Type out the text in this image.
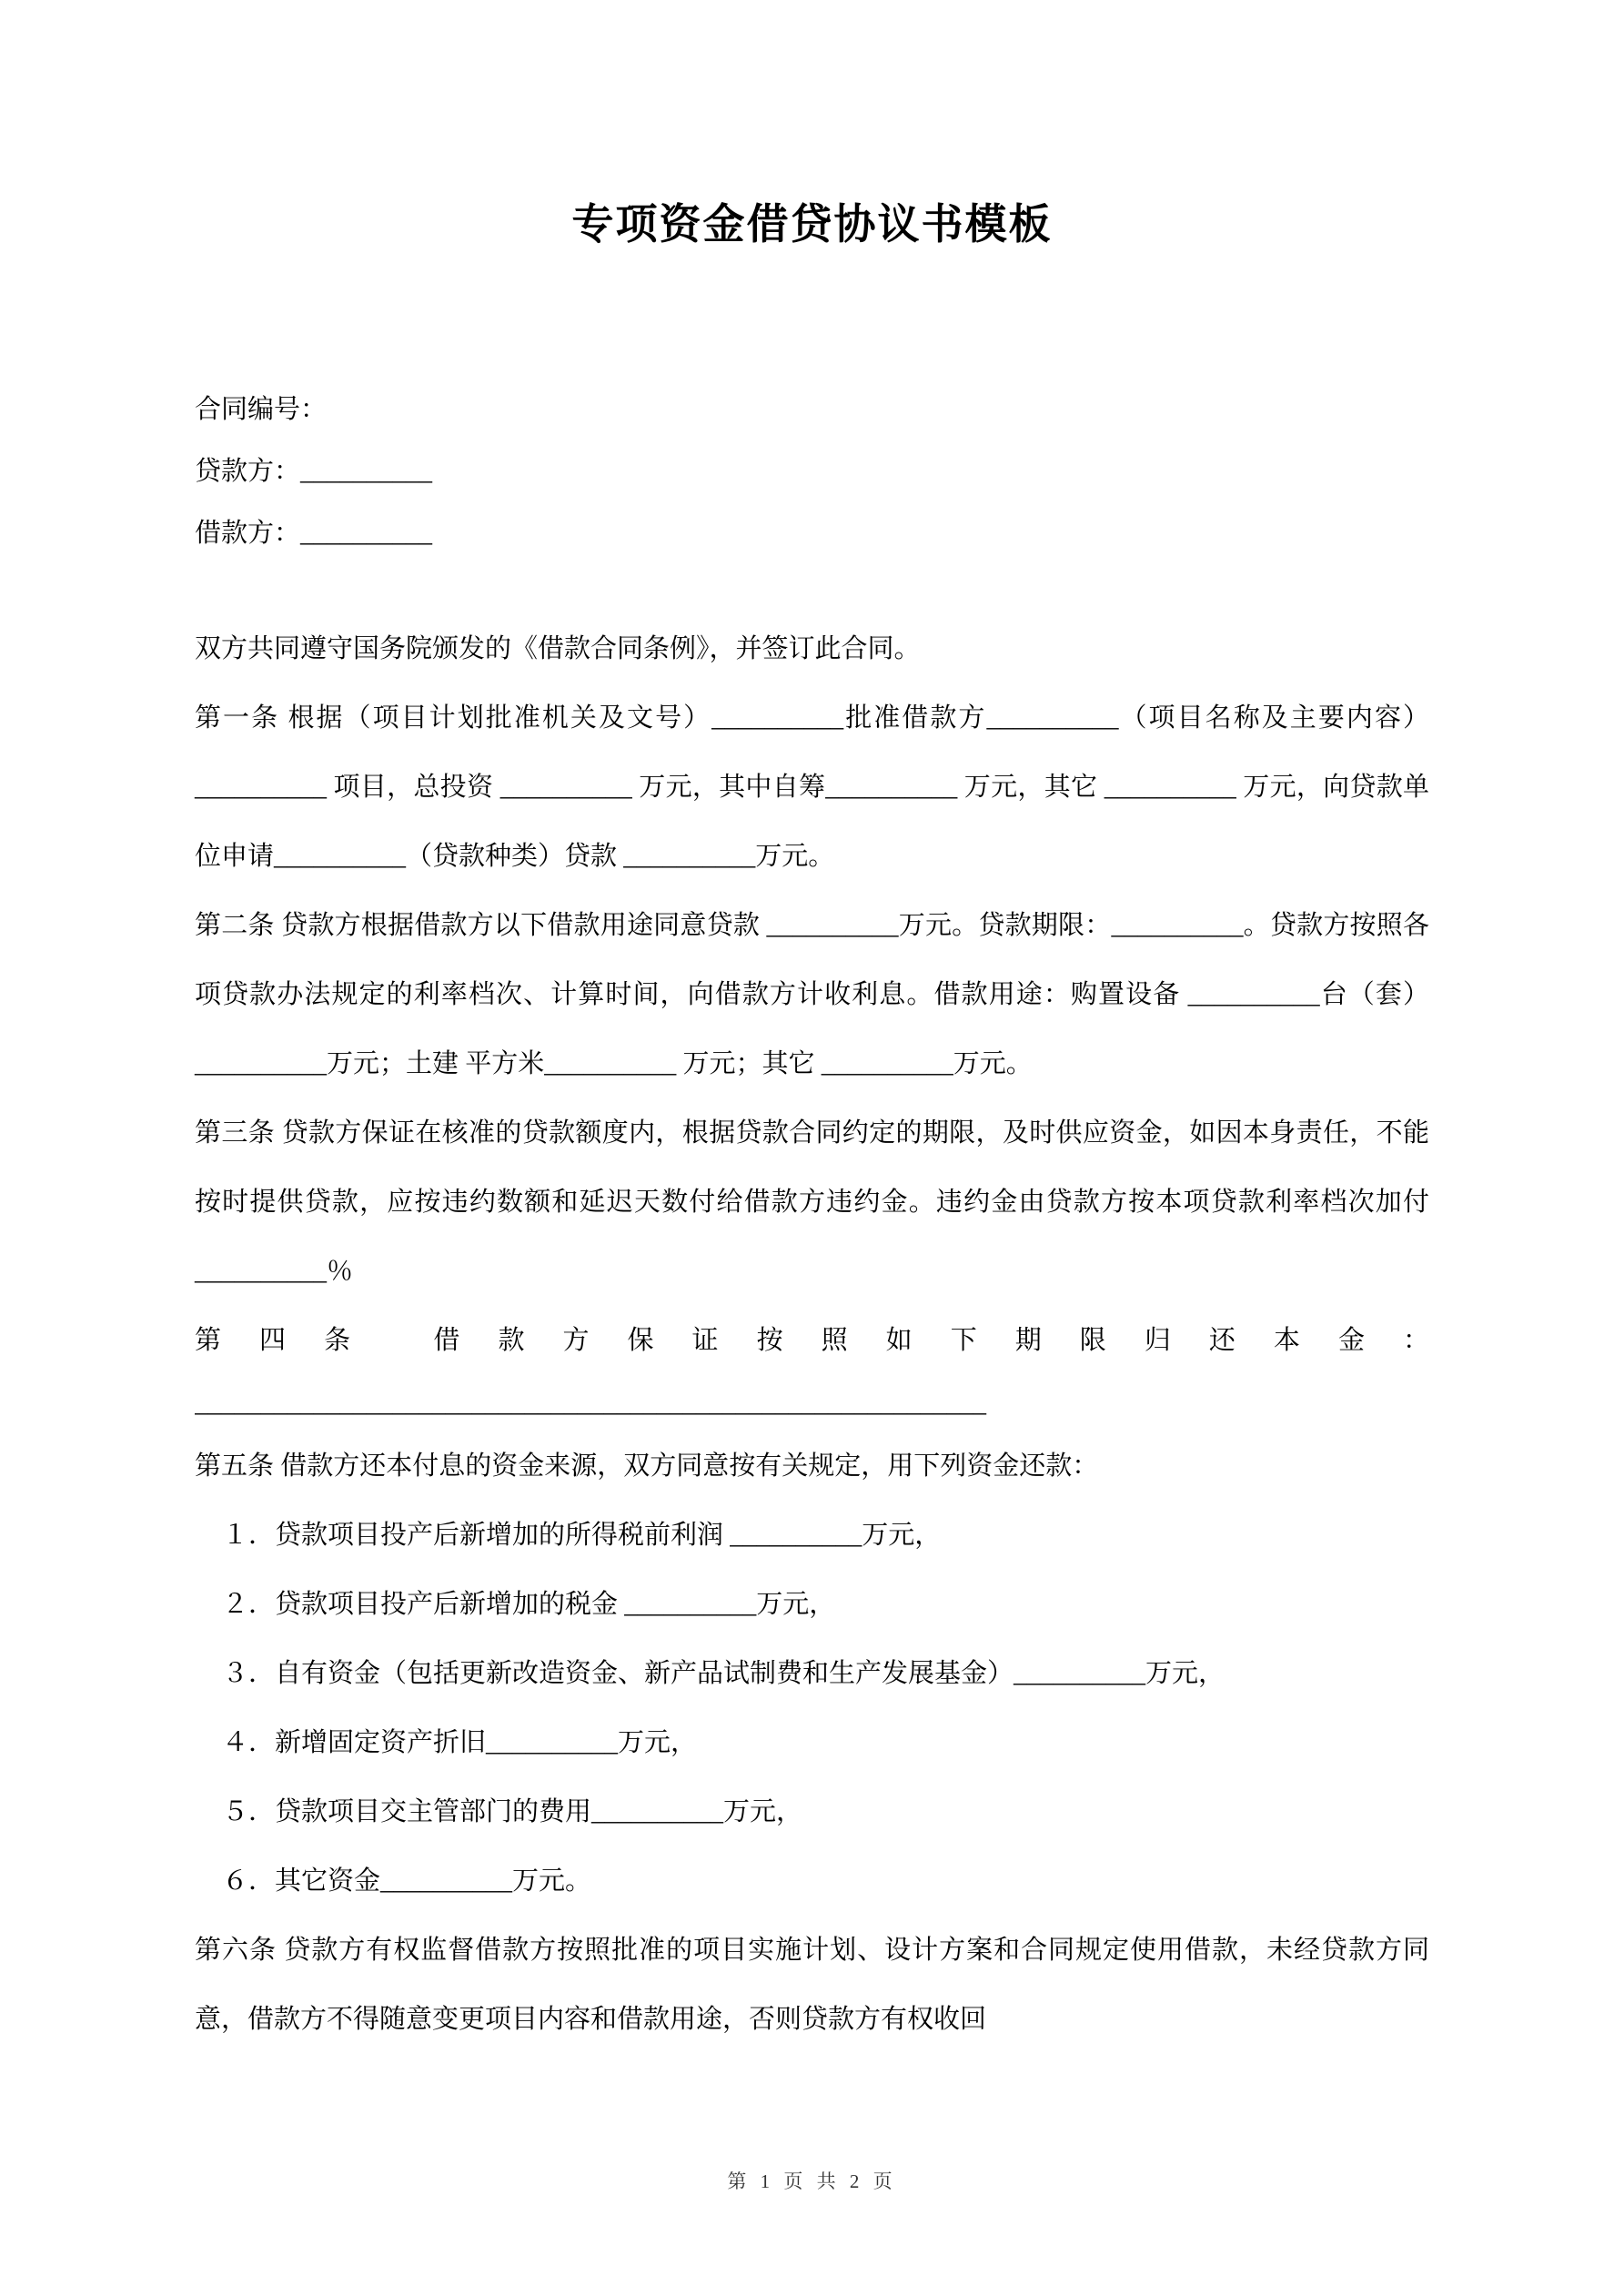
专项资金借贷协议书模板

合同编号：

贷款方：__________

借款方：__________

双方共同遵守国务院颁发的《借款合同条例》，并签订此合同。

第一条 根据（项目计划批准机关及文号）__________批准借款方__________（项目名称及主要内容） __________ 项目，总投资 __________ 万元，其中自筹__________ 万元，其它 __________ 万元，向贷款单位申请__________（贷款种类）贷款 __________万元。

第二条 贷款方根据借款方以下借款用途同意贷款 __________万元。贷款期限：__________。贷款方按照各项贷款办法规定的利率档次、计算时间，向借款方计收利息。借款用途：购置设备 __________台（套）__________万元；土建 平方米__________ 万元；其它 __________万元。

第三条 贷款方保证在核准的贷款额度内，根据贷款合同约定的期限，及时供应资金，如因本身责任，不能按时提供贷款，应按违约数额和延迟天数付给借款方违约金。违约金由贷款方按本项贷款利率档次加付 __________％

第四条 借款方保证按照如下期限归还本金：

____________________________________________________________

第五条 借款方还本付息的资金来源，双方同意按有关规定，用下列资金还款：

１．贷款项目投产后新增加的所得税前利润 __________万元，

２．贷款项目投产后新增加的税金 __________万元，

３．自有资金（包括更新改造资金、新产品试制费和生产发展基金）__________万元，

４．新增固定资产折旧__________万元，

５．贷款项目交主管部门的费用__________万元，

６．其它资金__________万元。

第六条 贷款方有权监督借款方按照批准的项目实施计划、设计方案和合同规定使用借款，未经贷款方同意，借款方不得随意变更项目内容和借款用途，否则贷款方有权收回

第 1 页 共 2 页
